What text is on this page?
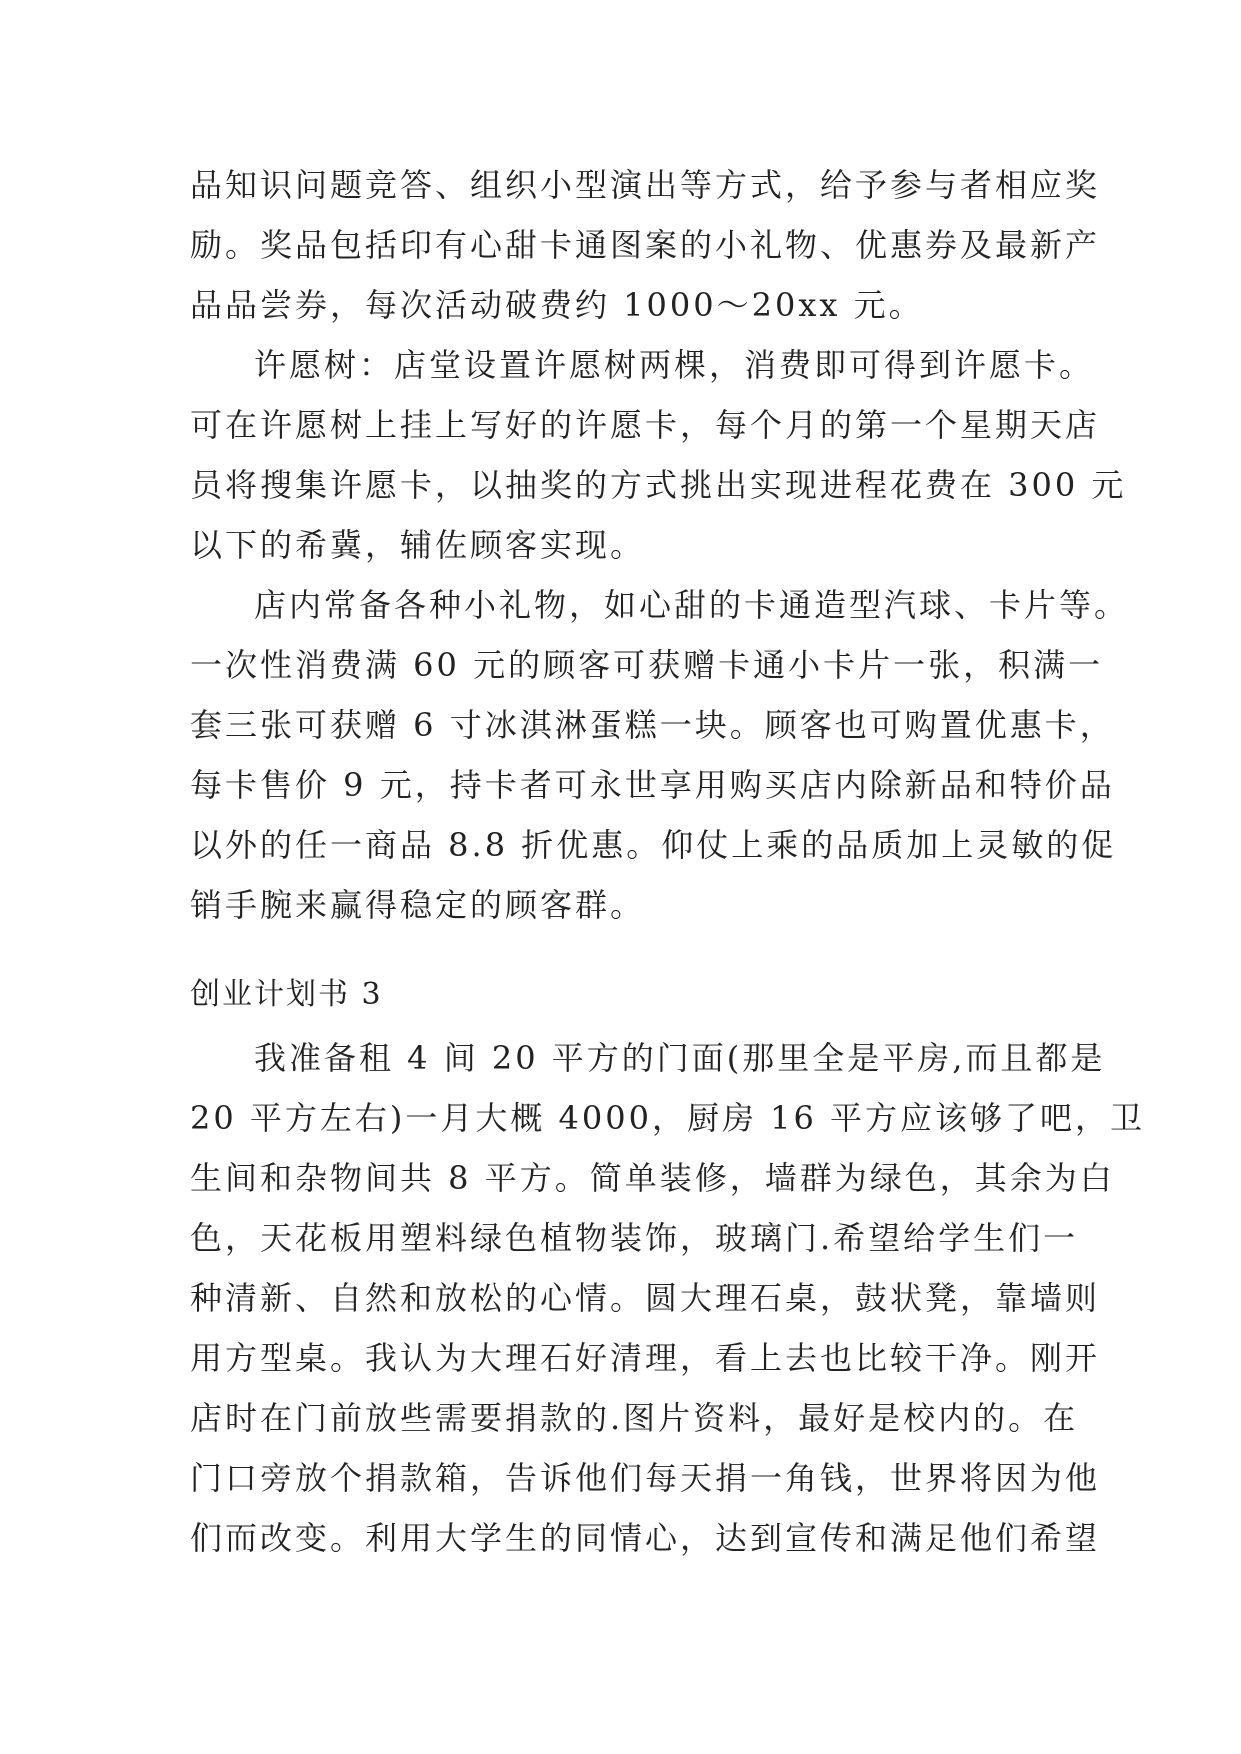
品知识问题竞答、组织小型演出等方式，给予参与者相应奖
励。奖品包括印有心甜卡通图案的小礼物、优惠券及最新产
品品尝券，每次活动破费约 1000～20xx 元。
许愿树：店堂设置许愿树两棵，消费即可得到许愿卡。
可在许愿树上挂上写好的许愿卡，每个月的第一个星期天店
员将搜集许愿卡，以抽奖的方式挑出实现进程花费在 300 元
以下的希冀，辅佐顾客实现。
店内常备各种小礼物，如心甜的卡通造型汽球、卡片等。
一次性消费满 60 元的顾客可获赠卡通小卡片一张，积满一
套三张可获赠 6 寸冰淇淋蛋糕一块。顾客也可购置优惠卡，
每卡售价 9 元，持卡者可永世享用购买店内除新品和特价品
以外的任一商品 8.8 折优惠。仰仗上乘的品质加上灵敏的促
销手腕来赢得稳定的顾客群。
创业计划书 3
我准备租 4 间 20 平方的门面(那里全是平房,而且都是
20 平方左右)一月大概 4000，厨房 16 平方应该够了吧，卫
生间和杂物间共 8 平方。简单装修，墙群为绿色，其余为白
色，天花板用塑料绿色植物装饰，玻璃门.希望给学生们一
种清新、自然和放松的心情。圆大理石桌，鼓状凳，靠墙则
用方型桌。我认为大理石好清理，看上去也比较干净。刚开
店时在门前放些需要捐款的.图片资料，最好是校内的。在
门口旁放个捐款箱，告诉他们每天捐一角钱，世界将因为他
们而改变。利用大学生的同情心，达到宣传和满足他们希望
